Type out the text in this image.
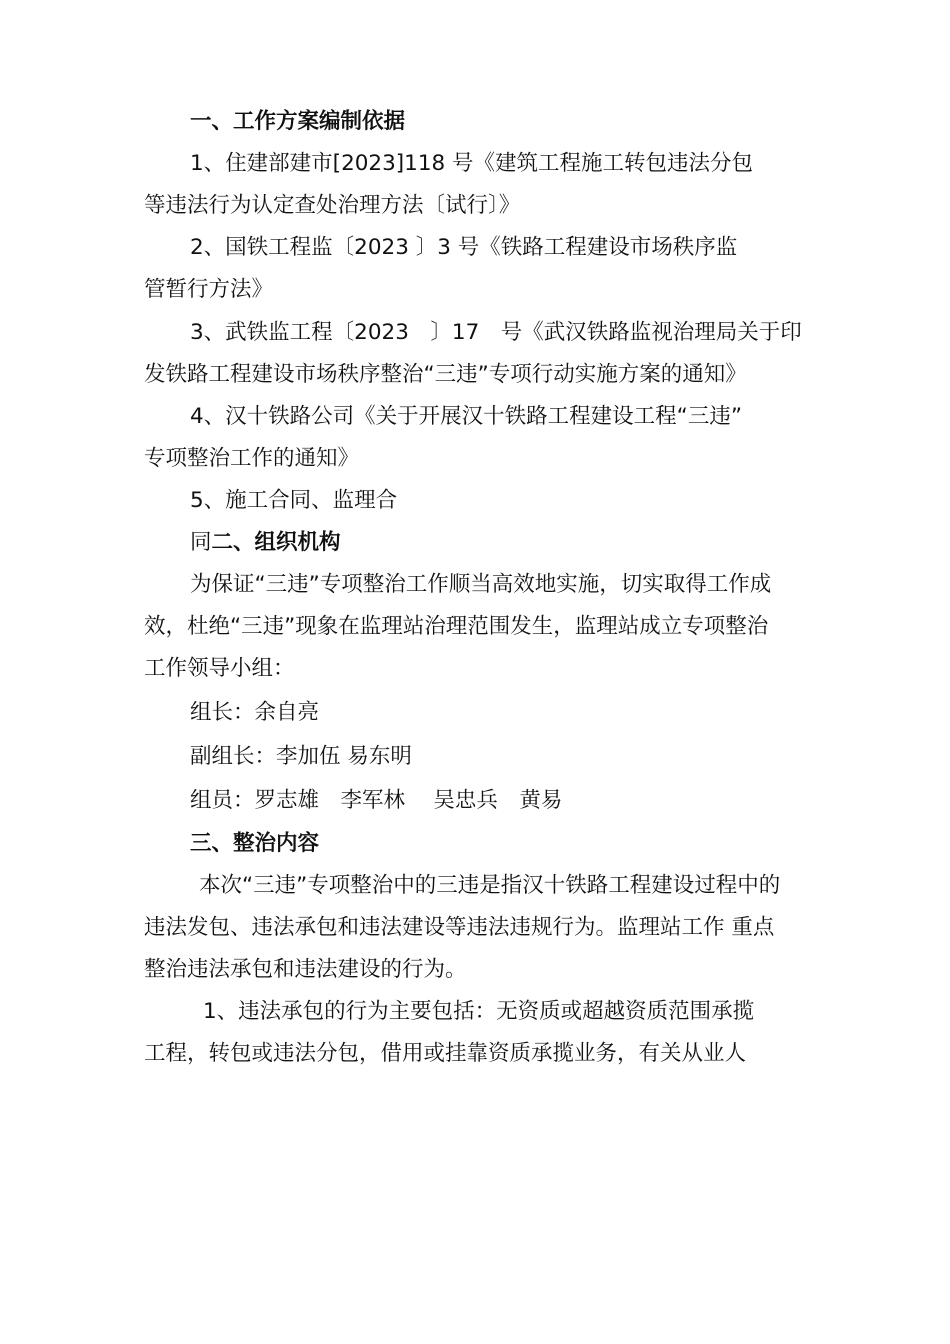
一、工作方案编制依据
1、住建部建市[2023]118 号《建筑工程施工转包违法分包
等违法行为认定查处治理方法〔试行〕》
2、国铁工程监〔2023 〕3 号《铁路工程建设市场秩序监
管暂行方法》
3、武铁监工程〔2023　〕17　号《武汉铁路监视治理局关于印
发铁路工程建设市场秩序整治“三违”专项行动实施方案的通知》
4、汉十铁路公司《关于开展汉十铁路工程建设工程“三违”
专项整治工作的通知》
5、施工合同、监理合
同二、组织机构
为保证“三违”专项整治工作顺当高效地实施，切实取得工作成
效，杜绝“三违”现象在监理站治理范围发生，监理站成立专项整治
工作领导小组：
组长：余自亮
副组长：李加伍 易东明
组员：罗志雄　李军林　 吴忠兵　黄易
三、整治内容
本次“三违”专项整治中的三违是指汉十铁路工程建设过程中的
违法发包、违法承包和违法建设等违法违规行为。监理站工作 重点
整治违法承包和违法建设的行为。
1、违法承包的行为主要包括：无资质或超越资质范围承揽
工程，转包或违法分包，借用或挂靠资质承揽业务，有关从业人
